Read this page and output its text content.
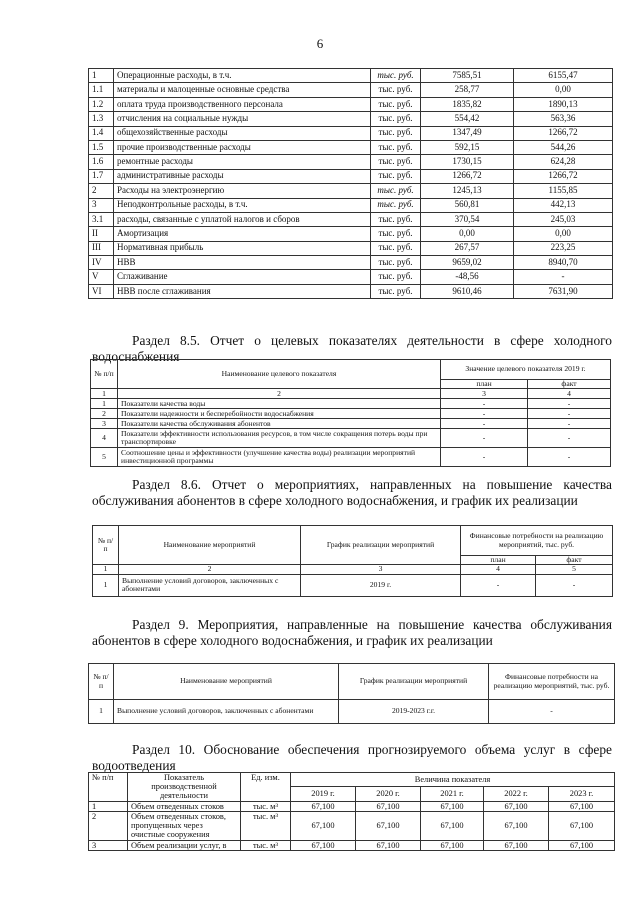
6
1	Операционные расходы, в т.ч.	тыс. руб.	7585,51	6155,47
1.1	материалы и малоценные основные средства	тыс. руб.	258,77	0,00
1.2	оплата труда производственного персонала	тыс. руб.	1835,82	1890,13
1.3	отчисления на социальные нужды	тыс. руб.	554,42	563,36
1.4	общехозяйственные расходы	тыс. руб.	1347,49	1266,72
1.5	прочие производственные расходы	тыс. руб.	592,15	544,26
1.6	ремонтные расходы	тыс. руб.	1730,15	624,28
1.7	административные расходы	тыс. руб.	1266,72	1266,72
2	Расходы на электроэнергию	тыс. руб.	1245,13	1155,85
3	Неподконтрольные расходы, в т.ч.	тыс. руб.	560,81	442,13
3.1	расходы, связанные с уплатой налогов и сборов	тыс. руб.	370,54	245,03
II	Амортизация	тыс. руб.	0,00	0,00
III	Нормативная прибыль	тыс. руб.	267,57	223,25
IV	НВВ	тыс. руб.	9659,02	8940,70
V	Сглаживание	тыс. руб.	-48,56	-
VI	НВВ после сглаживания	тыс. руб.	9610,46	7631,90
Раздел 8.5. Отчет о целевых показателях деятельности в сфере холодного водоснабжения
№ п/п	Наименование целевого показателя	Значение целевого показателя 2019 г.	
		план	факт
1	2	3	4
1	Показатели качества воды	-	-
2	Показатели надежности и бесперебойности водоснабжения	-	-
3	Показатели качества обслуживания абонентов	-	-
4	Показатели эффективности использования ресурсов, в том числе сокращения потерь воды при транспортировке	-	-
5	Соотношение цены и эффективности (улучшение качества воды) реализации мероприятий инвестиционной программы	-	-
Раздел 8.6. Отчет о мероприятиях, направленных на повышение качества обслуживания абонентов в сфере холодного водоснабжения, и график их реализации
№ п/п	Наименование мероприятий	График реализации мероприятий	Финансовые потребности на реализацию мероприятий, тыс. руб.	
			план	факт
1	2	3	4	5
1	Выполнение условий договоров, заключенных с абонентами	2019 г.	-	-
Раздел 9. Мероприятия, направленные на повышение качества обслуживания абонентов в сфере холодного водоснабжения, и график их реализации
№ п/п	Наименование мероприятий	График реализации мероприятий	Финансовые потребности на реализацию мероприятий, тыс. руб.
1	Выполнение условий договоров, заключенных с абонентами	2019-2023 г.г.	-
Раздел 10. Обоснование обеспечения прогнозируемого объема услуг в сфере водоотведения
№ п/п	Показатель производственной деятельности	Ед. изм.	Величина показателя				
			2019 г.	2020 г.	2021 г.	2022 г.	2023 г.
1	Объем отведенных стоков	тыс. м³	67,100	67,100	67,100	67,100	67,100
2	Объем отведенных стоков, пропущенных через очистные сооружения	тыс. м³	67,100	67,100	67,100	67,100	67,100
3	Объем реализации услуг, в	тыс. м³	67,100	67,100	67,100	67,100	67,100
